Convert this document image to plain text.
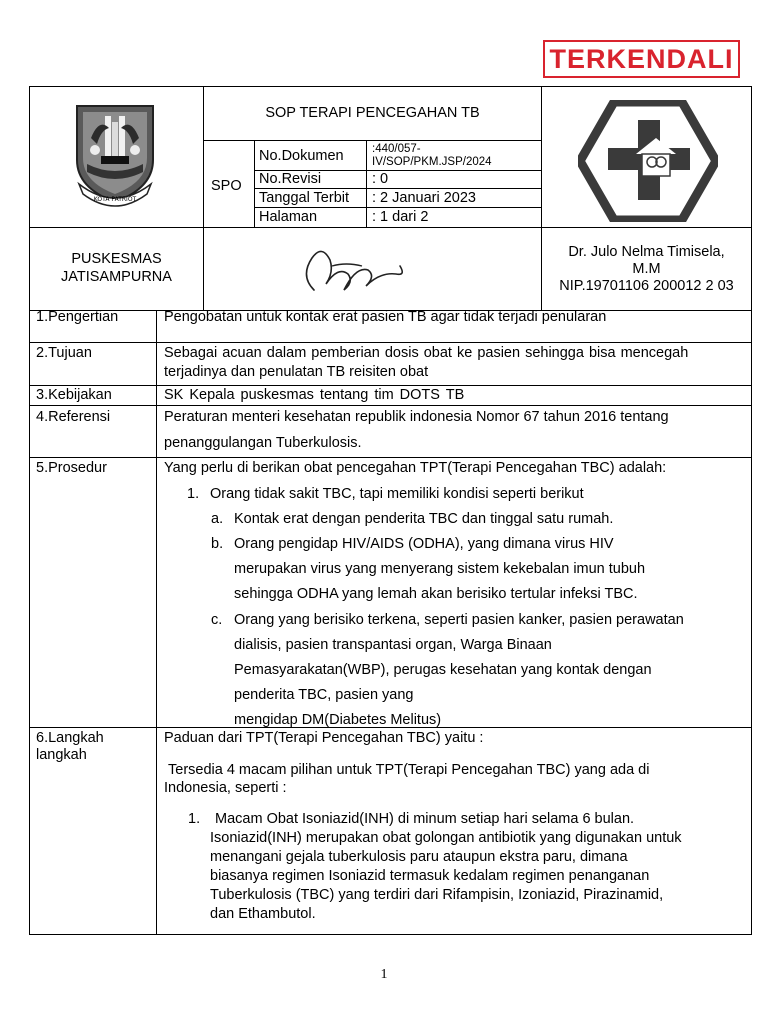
TERKENDALI
KOTA PATRIOT
SOP TERAPI PENCEGAHAN TB
SPO
No.Dokumen :440/057-IV/SOP/PKM.JSP/2024
No.Revisi	: 0
Tanggal Terbit : 2 Januari 2023
Halaman	: 1 dari 2
PUSKESMAS
JATISAMPURNA
Dr. Julo Nelma Timisela,
M.M
NIP.19701106 200012 2 03
1.Pengertian	Pengobatan untuk kontak erat pasien TB agar tidak terjadi penularan
2.Tujuan	Sebagai acuan dalam pemberian dosis obat ke pasien sehingga bisa mencegah
terjadinya dan penulatan TB reisiten obat
3.Kebijakan	SK Kepala puskesmas tentang tim DOTS TB
4.Referensi	Peraturan menteri kesehatan republik indonesia Nomor 67 tahun 2016 tentang
penanggulangan Tuberkulosis.
5.Prosedur	Yang perlu di berikan obat pencegahan TPT(Terapi Pencegahan TBC) adalah:
1. Orang tidak sakit TBC, tapi memiliki kondisi seperti berikut
a. Kontak erat dengan penderita TBC dan tinggal satu rumah.
b. Orang pengidap HIV/AIDS (ODHA), yang dimana virus HIV
merupakan virus yang menyerang sistem kekebalan imun tubuh
sehingga ODHA yang lemah akan berisiko tertular infeksi TBC.
c. Orang yang berisiko terkena, seperti pasien kanker, pasien perawatan
dialisis, pasien transpantasi organ, Warga Binaan
Pemasyarakatan(WBP), perugas kesehatan yang kontak dengan
penderita TBC, pasien yang
mengidap DM(Diabetes Melitus)
6.Langkah
langkah
Paduan dari TPT(Terapi Pencegahan TBC) yaitu :
Tersedia 4 macam pilihan untuk TPT(Terapi Pencegahan TBC) yang ada di
Indonesia, seperti :
1. Macam Obat Isoniazid(INH) di minum setiap hari selama 6 bulan.
Isoniazid(INH) merupakan obat golongan antibiotik yang digunakan untuk
menangani gejala tuberkulosis paru ataupun ekstra paru, dimana
biasanya regimen Isoniazid termasuk kedalam regimen penanganan
Tuberkulosis (TBC) yang terdiri dari Rifampisin, Izoniazid, Pirazinamid,
dan Ethambutol.
1
